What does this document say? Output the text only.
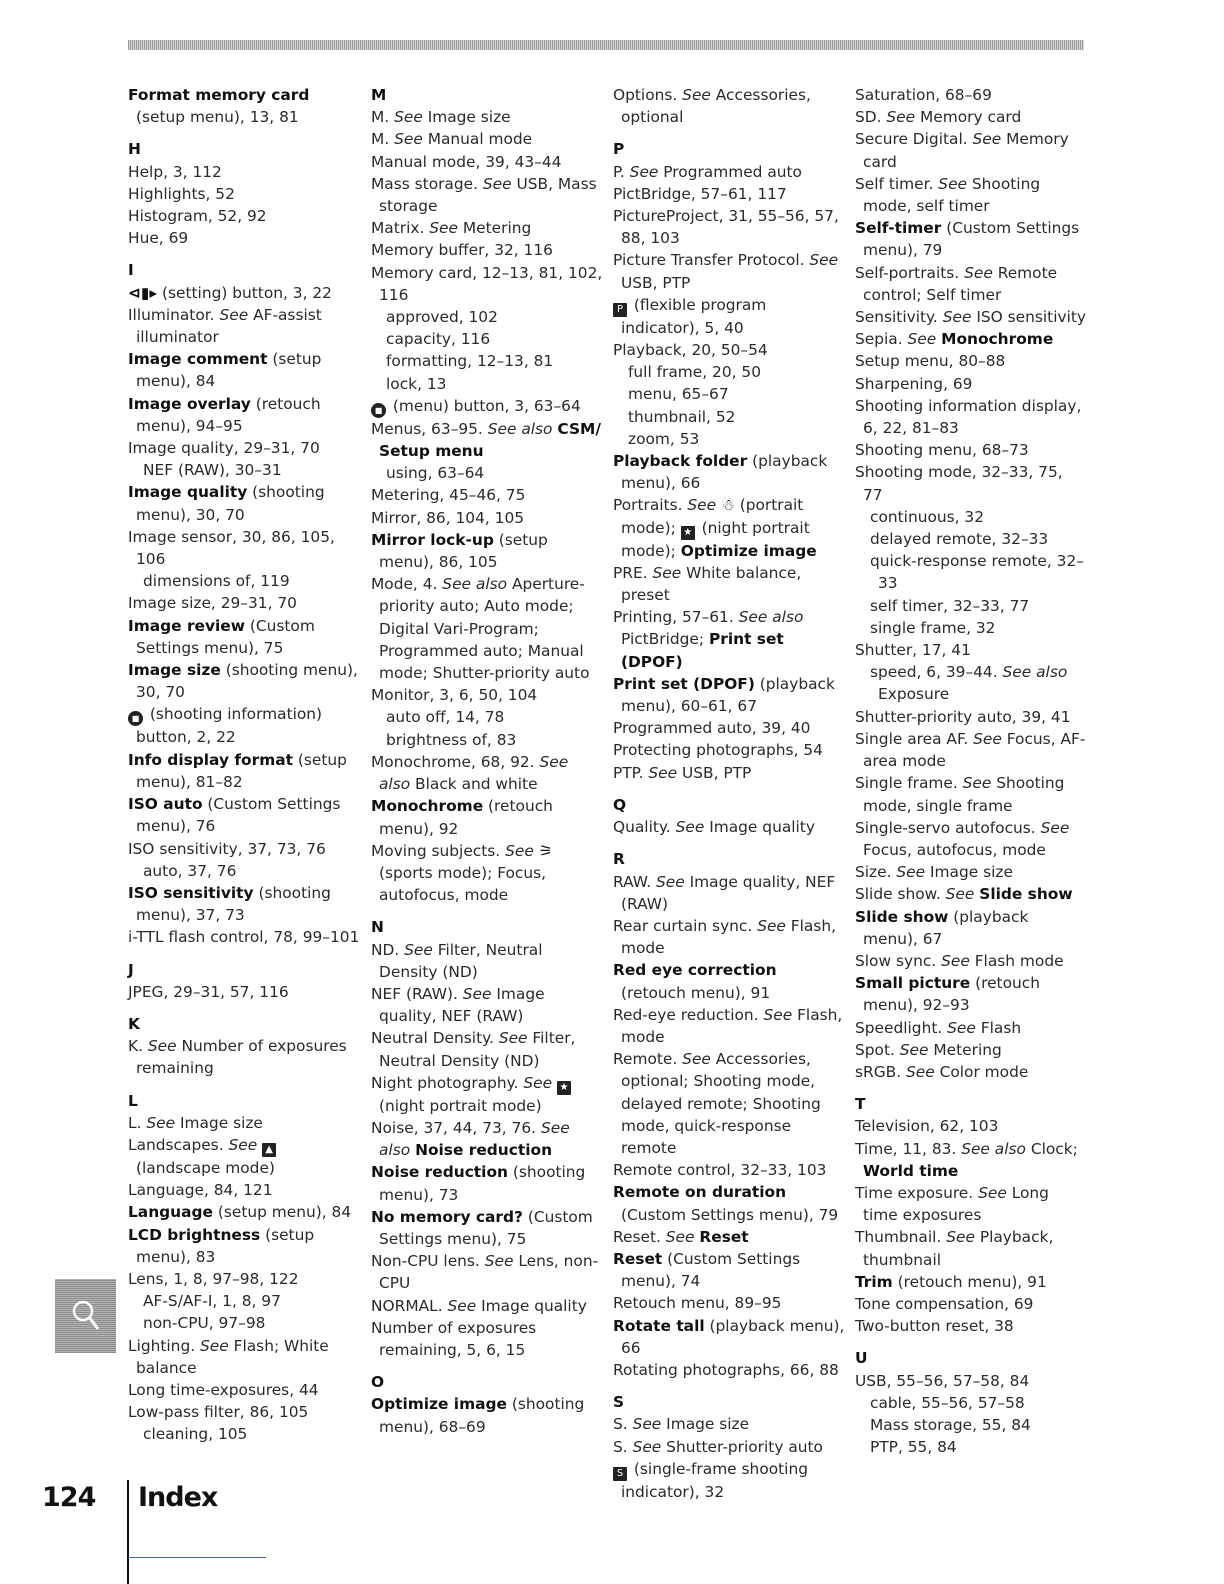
Format memory card (setup menu), 13, 81
H
Help, 3, 112
Highlights, 52
Histogram, 52, 92
Hue, 69
I
⊲▮▸ (setting) button, 3, 22
Illuminator. See AF-assist illuminator
Image comment (setup menu), 84
Image overlay (retouch menu), 94–95
Image quality, 29–31, 70
NEF (RAW), 30–31
Image quality (shooting menu), 30, 70
Image sensor, 30, 86, 105, 106
dimensions of, 119
Image size, 29–31, 70
Image review (Custom Settings menu), 75
Image size (shooting menu), 30, 70
■ (shooting information) button, 2, 22
Info display format (setup menu), 81–82
ISO auto (Custom Settings menu), 76
ISO sensitivity, 37, 73, 76
auto, 37, 76
ISO sensitivity (shooting menu), 37, 73
i-TTL flash control, 78, 99–101
J
JPEG, 29–31, 57, 116
K
K. See Number of exposures remaining
L
L. See Image size
Landscapes. See ▲ (landscape mode)
Language, 84, 121
Language (setup menu), 84
LCD brightness (setup menu), 83
Lens, 1, 8, 97–98, 122
AF-S/AF-I, 1, 8, 97
non-CPU, 97–98
Lighting. See Flash; White balance
Long time-exposures, 44
Low-pass filter, 86, 105
cleaning, 105
M
M. See Image size
M. See Manual mode
Manual mode, 39, 43–44
Mass storage. See USB, Mass storage
Matrix. See Metering
Memory buffer, 32, 116
Memory card, 12–13, 81, 102, 116
approved, 102
capacity, 116
formatting, 12–13, 81
lock, 13
■ (menu) button, 3, 63–64
Menus, 63–95. See also CSM/ Setup menu
using, 63–64
Metering, 45–46, 75
Mirror, 86, 104, 105
Mirror lock-up (setup menu), 86, 105
Mode, 4. See also Aperture-priority auto; Auto mode; Digital Vari-Program; Programmed auto; Manual mode; Shutter-priority auto
Monitor, 3, 6, 50, 104
auto off, 14, 78
brightness of, 83
Monochrome, 68, 92. See also Black and white
Monochrome (retouch menu), 92
Moving subjects. See ⚞ (sports mode); Focus, autofocus, mode
N
ND. See Filter, Neutral Density (ND)
NEF (RAW). See Image quality, NEF (RAW)
Neutral Density. See Filter, Neutral Density (ND)
Night photography. See ★ (night portrait mode)
Noise, 37, 44, 73, 76. See also Noise reduction
Noise reduction (shooting menu), 73
No memory card? (Custom Settings menu), 75
Non-CPU lens. See Lens, non-CPU
NORMAL. See Image quality
Number of exposures remaining, 5, 6, 15
O
Optimize image (shooting menu), 68–69
Options. See Accessories, optional
P
P. See Programmed auto
PictBridge, 57–61, 117
PictureProject, 31, 55–56, 57, 88, 103
Picture Transfer Protocol. See USB, PTP
P (flexible program indicator), 5, 40
Playback, 20, 50–54
full frame, 20, 50
menu, 65–67
thumbnail, 52
zoom, 53
Playback folder (playback menu), 66
Portraits. See ☃ (portrait mode); ★ (night portrait mode); Optimize image
PRE. See White balance, preset
Printing, 57–61. See also PictBridge; Print set (DPOF)
Print set (DPOF) (playback menu), 60–61, 67
Programmed auto, 39, 40
Protecting photographs, 54
PTP. See USB, PTP
Q
Quality. See Image quality
R
RAW. See Image quality, NEF (RAW)
Rear curtain sync. See Flash, mode
Red eye correction (retouch menu), 91
Red-eye reduction. See Flash, mode
Remote. See Accessories, optional; Shooting mode, delayed remote; Shooting mode, quick-response remote
Remote control, 32–33, 103
Remote on duration (Custom Settings menu), 79
Reset. See Reset
Reset (Custom Settings menu), 74
Retouch menu, 89–95
Rotate tall (playback menu), 66
Rotating photographs, 66, 88
S
S. See Image size
S. See Shutter-priority auto
S (single-frame shooting indicator), 32
Saturation, 68–69
SD. See Memory card
Secure Digital. See Memory card
Self timer. See Shooting mode, self timer
Self-timer (Custom Settings menu), 79
Self-portraits. See Remote control; Self timer
Sensitivity. See ISO sensitivity
Sepia. See Monochrome
Setup menu, 80–88
Sharpening, 69
Shooting information display, 6, 22, 81–83
Shooting menu, 68–73
Shooting mode, 32–33, 75, 77
continuous, 32
delayed remote, 32–33
quick-response remote, 32–33
self timer, 32–33, 77
single frame, 32
Shutter, 17, 41
speed, 6, 39–44. See also Exposure
Shutter-priority auto, 39, 41
Single area AF. See Focus, AF-area mode
Single frame. See Shooting mode, single frame
Single-servo autofocus. See Focus, autofocus, mode
Size. See Image size
Slide show. See Slide show
Slide show (playback menu), 67
Slow sync. See Flash mode
Small picture (retouch menu), 92–93
Speedlight. See Flash
Spot. See Metering
sRGB. See Color mode
T
Television, 62, 103
Time, 11, 83. See also Clock; World time
Time exposure. See Long time exposures
Thumbnail. See Playback, thumbnail
Trim (retouch menu), 91
Tone compensation, 69
Two-button reset, 38
U
USB, 55–56, 57–58, 84
cable, 55–56, 57–58
Mass storage, 55, 84
PTP, 55, 84
124 Index
